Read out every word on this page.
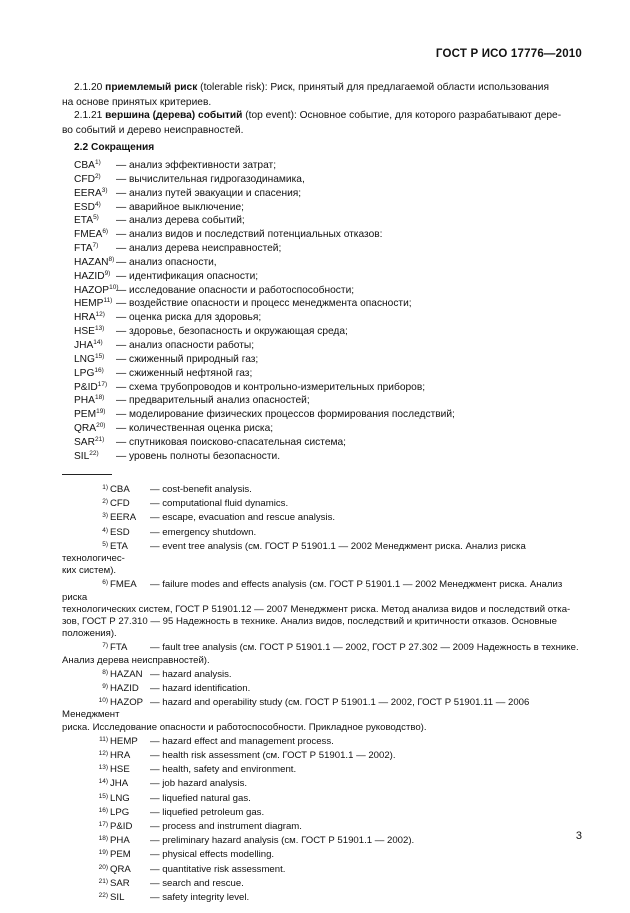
ГОСТ Р ИСО 17776—2010
2.1.20 приемлемый риск (tolerable risk): Риск, принятый для предлагаемой области использования
на основе принятых критериев.
2.1.21 вершина (дерева) событий (top event): Основное событие, для которого разрабатывают дере-
во событий и дерево неисправностей.
2.2 Сокращения
CBA$^{1)}$ — анализ эффективности затрат;
CFD$^{2)}$ — вычислительная гидрогазодинамика,
EERA$^{3)}$ — анализ путей эвакуации и спасения;
ESD$^{4)}$ — аварийное выключение;
ETA$^{5)}$ — анализ дерева событий;
FMEA$^{6)}$ — анализ видов и последствий потенциальных отказов:
FTA$^{7)}$ — анализ дерева неисправностей;
HAZAN$^{8)}$ — анализ опасности,
HAZID$^{9)}$ — идентификация опасности;
HAZOP$^{10)}$— исследование опасности и работоспособности;
HEMP$^{11)}$ — воздействие опасности и процесс менеджмента опасности;
HRA$^{12)}$ — оценка риска для здоровья;
HSE$^{13)}$ — здоровье, безопасность и окружающая среда;
JHA$^{14)}$ — анализ опасности работы;
LNG$^{15)}$ — сжиженный природный газ;
LPG$^{16)}$ — сжиженный нефтяной газ;
P&ID$^{17)}$ — схема трубопроводов и контрольно-измерительных приборов;
PHA$^{18)}$ — предварительный анализ опасностей;
PEM$^{19)}$ — моделирование физических процессов формирования последствий;
QRA$^{20)}$ — количественная оценка риска;
SAR$^{21)}$ — спутниковая поисково-спасательная система;
SIL$^{22)}$ — уровень полноты безопасности.
1) CBA — cost-benefit analysis.
2) CFD — computational fluid dynamics.
3) EERA — escape, evacuation and rescue analysis.
4) ESD — emergency shutdown.
5) ETA — event tree analysis (см. ГОСТ Р 51901.1 — 2002 Менеджмент риска. Анализ риска технологичес-
ких систем).
6) FMEA — failure modes and effects analysis (см. ГОСТ Р 51901.1 — 2002 Менеджмент риска. Анализ риска
технологических систем, ГОСТ Р 51901.12 — 2007 Менеджмент риска. Метод анализа видов и последствий отка-
зов, ГОСТ Р 27.310 — 95 Надежность в технике. Анализ видов, последствий и критичности отказов. Основные
положения).
7) FTA — fault tree analysis (см. ГОСТ Р 51901.1 — 2002, ГОСТ Р 27.302 — 2009 Надежность в технике.
Анализ дерева неисправностей).
8) HAZAN — hazard analysis.
9) HAZID — hazard identification.
10) HAZOP — hazard and operability study (см. ГОСТ Р 51901.1 — 2002, ГОСТ Р 51901.11 — 2006 Менеджмент
риска. Исследование опасности и работоспособности. Прикладное руководство).
11) HEMP — hazard effect and management process.
12) HRA — health risk assessment (см. ГОСТ Р 51901.1 — 2002).
13) HSE — health, safety and environment.
14) JHA — job hazard analysis.
15) LNG — liquefied natural gas.
16) LPG — liquefied petroleum gas.
17) P&ID — process and instrument diagram.
18) PHA — preliminary hazard analysis (см. ГОСТ Р 51901.1 — 2002).
19) PEM — physical effects modelling.
20) QRA — quantitative risk assessment.
21) SAR — search and rescue.
22) SIL	— safety integrity level.
3
